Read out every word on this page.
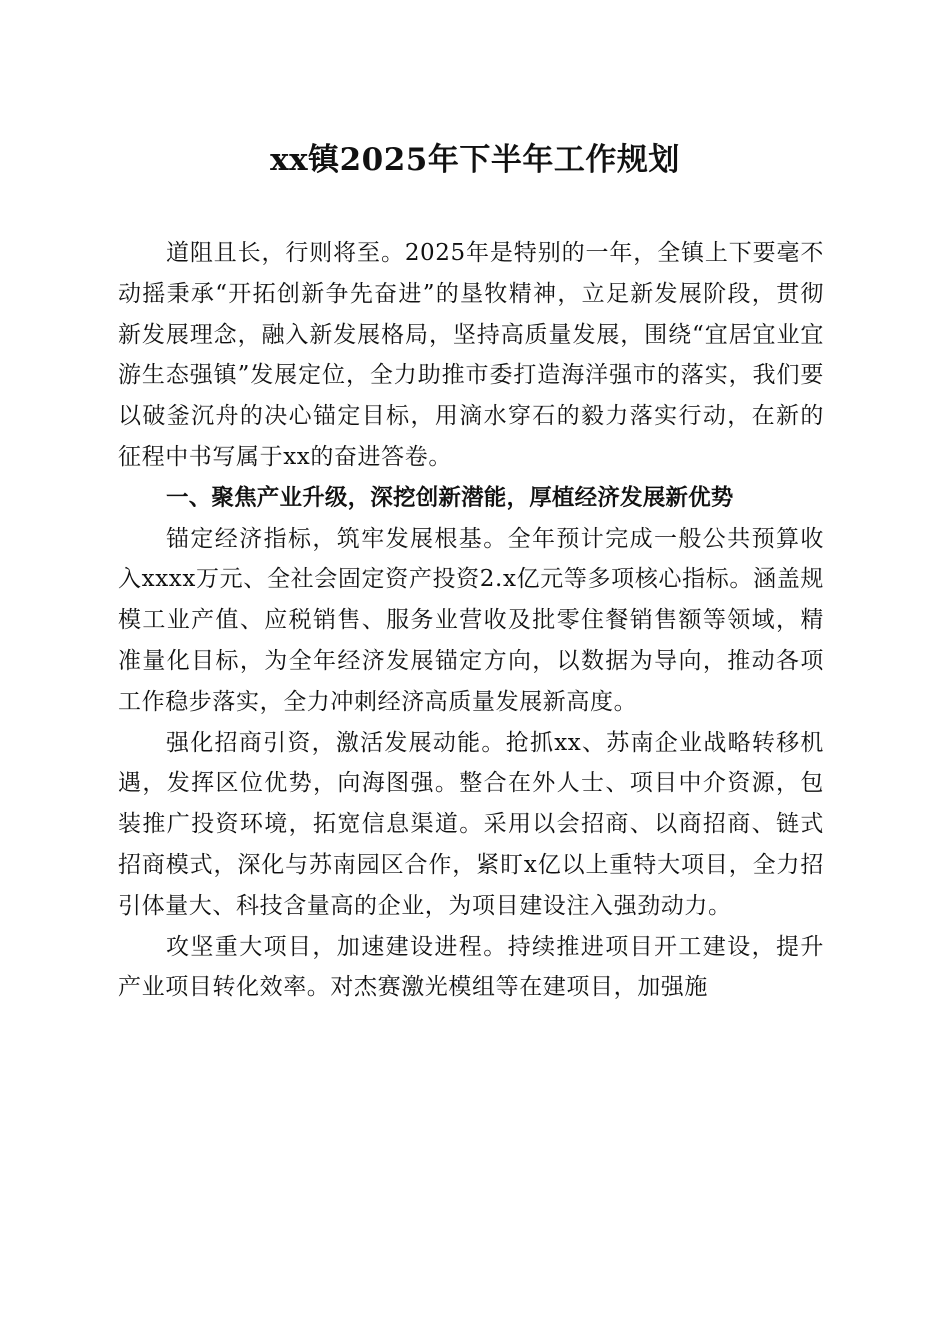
xx镇2025年下半年工作规划

道阻且长，行则将至。2025年是特别的一年，全镇上下要毫不动摇秉承“开拓创新争先奋进”的垦牧精神，立足新发展阶段，贯彻新发展理念，融入新发展格局，坚持高质量发展，围绕“宜居宜业宜游生态强镇”发展定位，全力助推市委打造海洋强市的落实，我们要以破釜沉舟的决心锚定目标，用滴水穿石的毅力落实行动，在新的征程中书写属于xx的奋进答卷。

一、聚焦产业升级，深挖创新潜能，厚植经济发展新优势

锚定经济指标，筑牢发展根基。全年预计完成一般公共预算收入xxxx万元、全社会固定资产投资2.x亿元等多项核心指标。涵盖规模工业产值、应税销售、服务业营收及批零住餐销售额等领域，精准量化目标，为全年经济发展锚定方向，以数据为导向，推动各项工作稳步落实，全力冲刺经济高质量发展新高度。

强化招商引资，激活发展动能。抢抓xx、苏南企业战略转移机遇，发挥区位优势，向海图强。整合在外人士、项目中介资源，包装推广投资环境，拓宽信息渠道。采用以会招商、以商招商、链式招商模式，深化与苏南园区合作，紧盯x亿以上重特大项目，全力招引体量大、科技含量高的企业，为项目建设注入强劲动力。

攻坚重大项目，加速建设进程。持续推进项目开工建设，提升产业项目转化效率。对杰赛激光模组等在建项目，加强施
